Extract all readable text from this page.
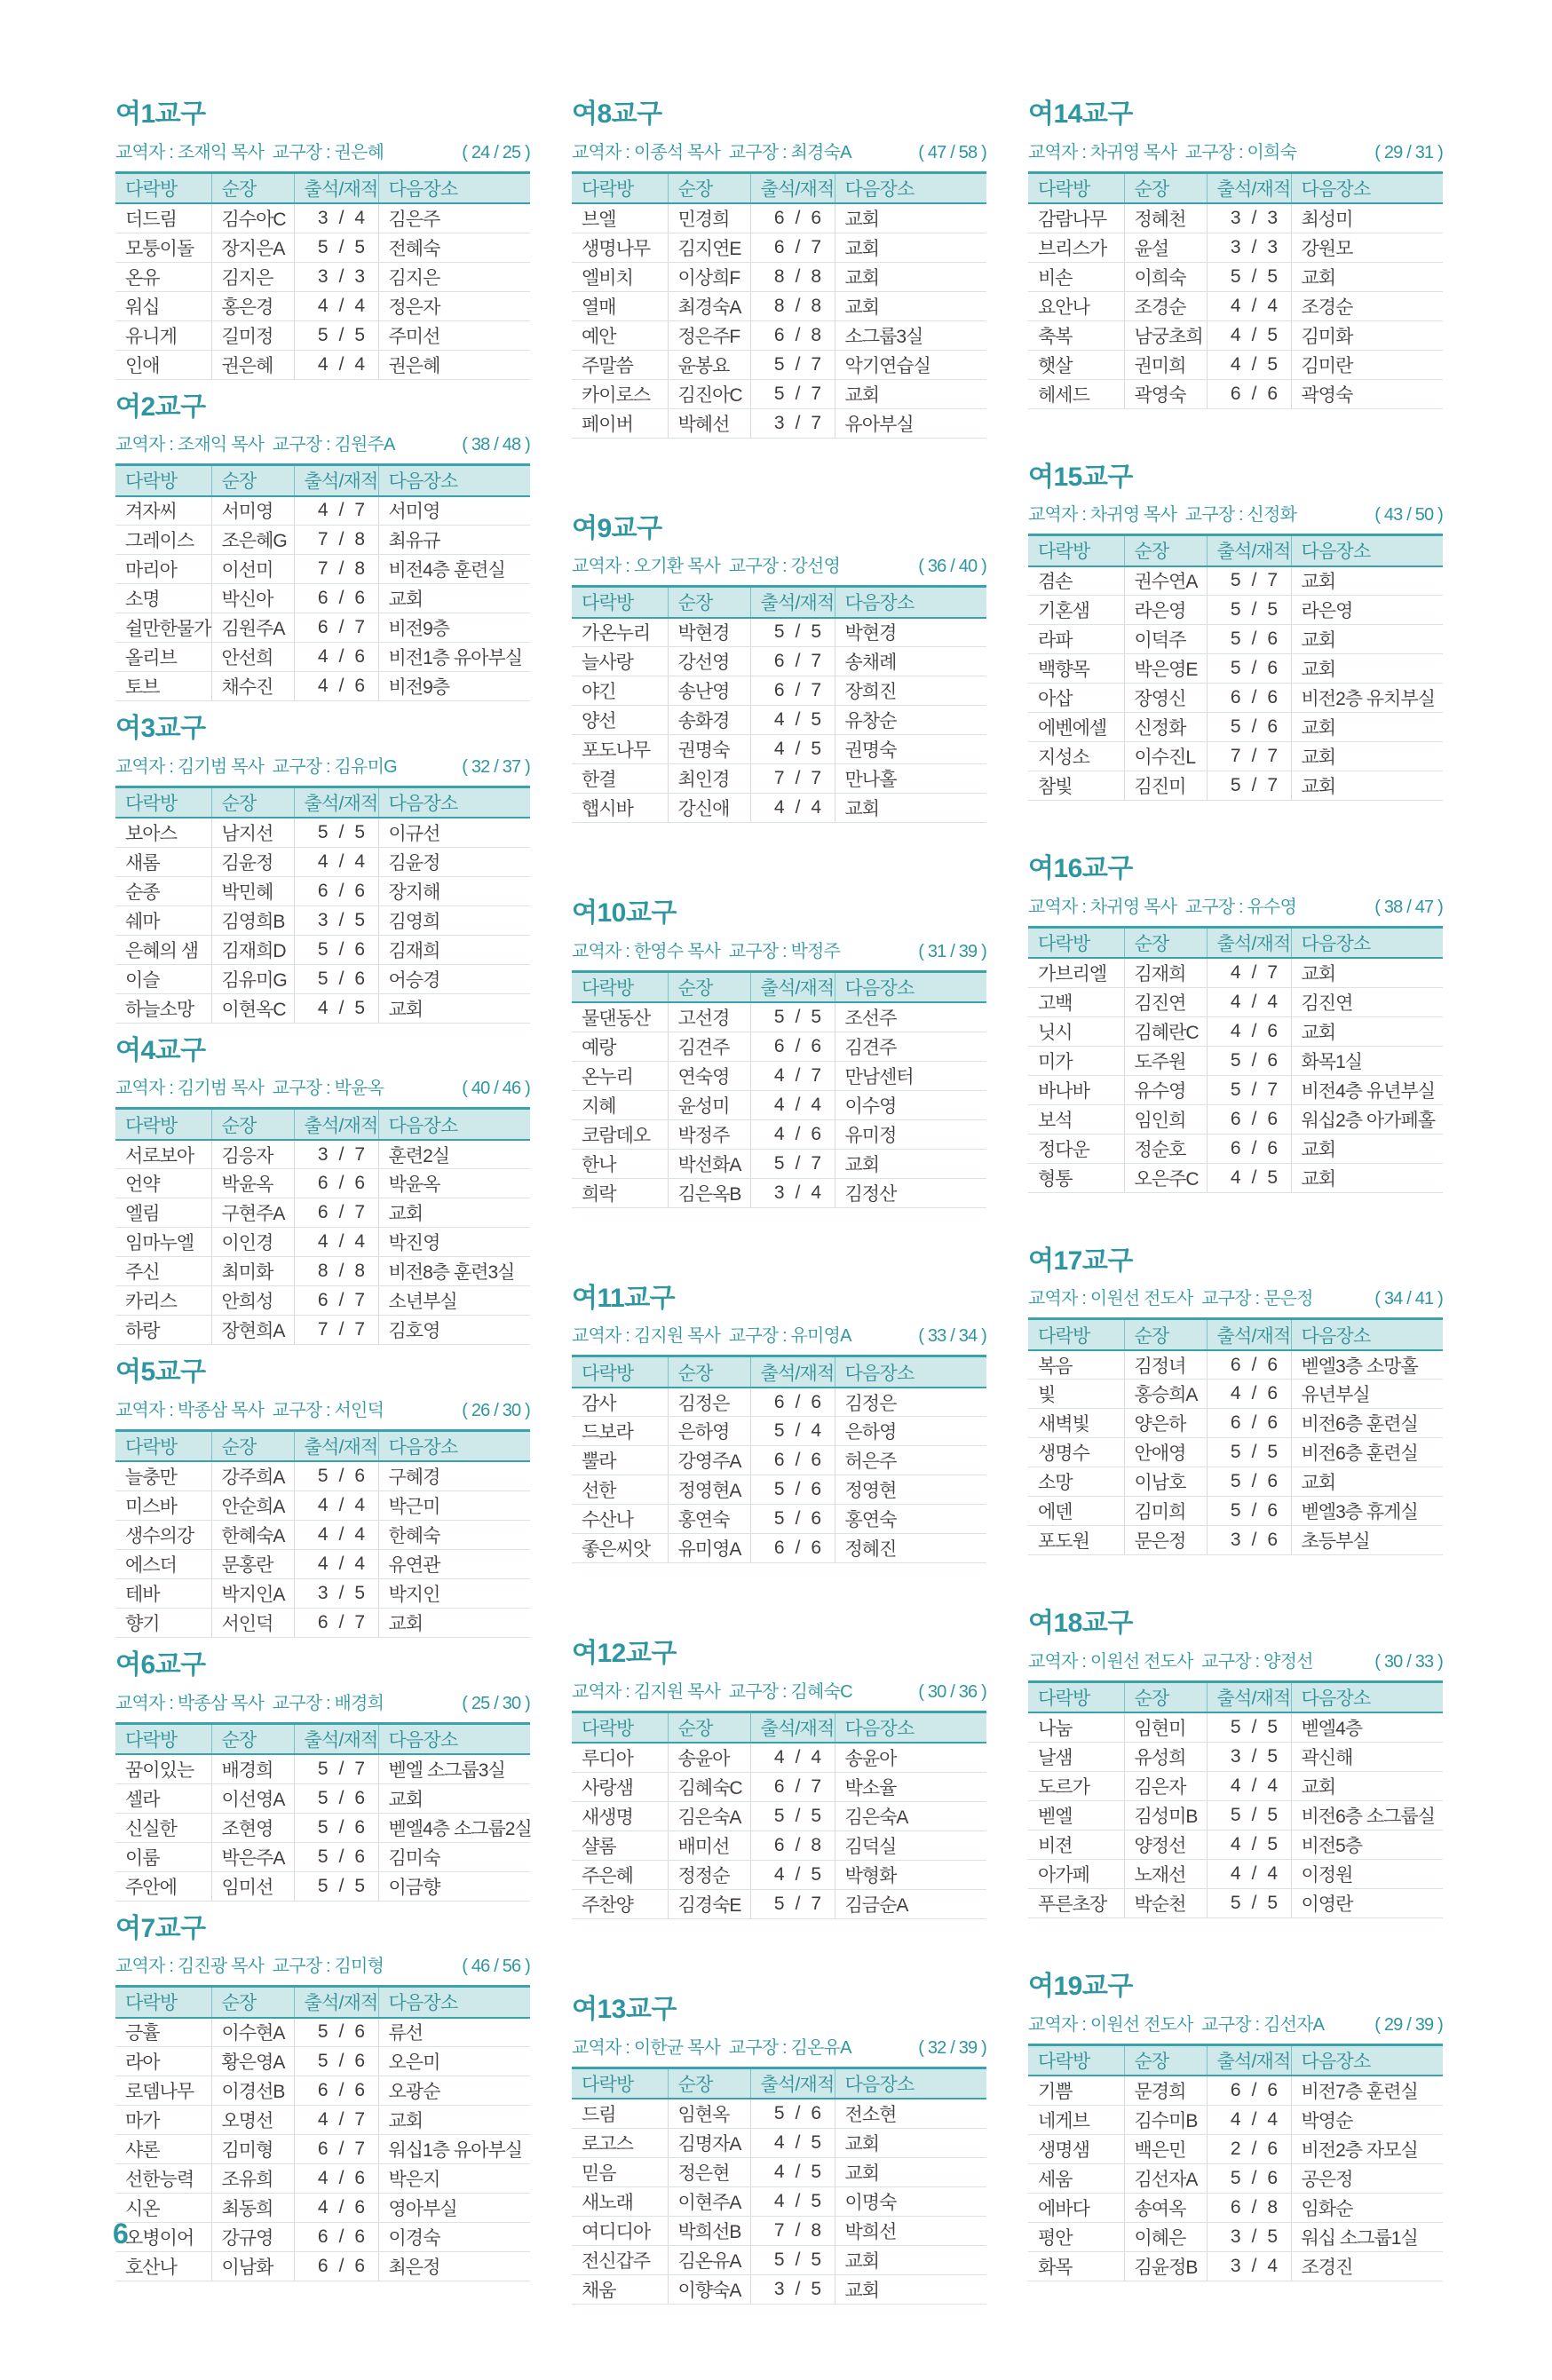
여1교구
교역자 : 조재익 목사  교구장 : 권은혜	( 24 / 25 )
다락방	순장	출석/재적	다음장소
더드림	김수아C	3 / 4	김은주
모퉁이돌	장지은A	5 / 5	전혜숙
온유	김지은	3 / 3	김지은
워십	홍은경	4 / 4	정은자
유니게	길미정	5 / 5	주미선
인애	권은혜	4 / 4	권은혜
여2교구
교역자 : 조재익 목사  교구장 : 김원주A	( 38 / 48 )
다락방	순장	출석/재적	다음장소
겨자씨	서미영	4 / 7	서미영
그레이스	조은혜G	7 / 8	최유규
마리아	이선미	7 / 8	비전4층 훈련실
소명	박신아	6 / 6	교회
쉴만한물가	김원주A	6 / 7	비전9층
올리브	안선희	4 / 6	비전1층 유아부실
토브	채수진	4 / 6	비전9층
여3교구
교역자 : 김기범 목사  교구장 : 김유미G	( 32 / 37 )
다락방	순장	출석/재적	다음장소
보아스	남지선	5 / 5	이규선
새롬	김윤정	4 / 4	김윤정
순종	박민혜	6 / 6	장지해
쉐마	김영희B	3 / 5	김영희
은혜의 샘	김재희D	5 / 6	김재희
이슬	김유미G	5 / 6	어승경
하늘소망	이현옥C	4 / 5	교회
여4교구
교역자 : 김기범 목사  교구장 : 박윤옥	( 40 / 46 )
다락방	순장	출석/재적	다음장소
서로보아	김응자	3 / 7	훈련2실
언약	박윤옥	6 / 6	박윤옥
엘림	구현주A	6 / 7	교회
임마누엘	이인경	4 / 4	박진영
주신	최미화	8 / 8	비전8층 훈련3실
카리스	안희성	6 / 7	소년부실
하랑	장현희A	7 / 7	김호영
여5교구
교역자 : 박종삼 목사  교구장 : 서인덕	( 26 / 30 )
다락방	순장	출석/재적	다음장소
늘충만	강주희A	5 / 6	구혜경
미스바	안순희A	4 / 4	박근미
생수의강	한혜숙A	4 / 4	한혜숙
에스더	문홍란	4 / 4	유연관
테바	박지인A	3 / 5	박지인
향기	서인덕	6 / 7	교회
여6교구
교역자 : 박종삼 목사  교구장 : 배경희	( 25 / 30 )
다락방	순장	출석/재적	다음장소
꿈이있는	배경희	5 / 7	벧엘 소그룹3실
셀라	이선영A	5 / 6	교회
신실한	조현영	5 / 6	벧엘4층 소그룹2실
이룸	박은주A	5 / 6	김미숙
주안에	임미선	5 / 5	이금향
여7교구
교역자 : 김진광 목사  교구장 : 김미형	( 46 / 56 )
다락방	순장	출석/재적	다음장소
긍휼	이수현A	5 / 6	류선
라아	황은영A	5 / 6	오은미
로뎀나무	이경선B	6 / 6	오광순
마가	오명선	4 / 7	교회
샤론	김미형	6 / 7	워십1층 유아부실
선한능력	조유희	4 / 6	박은지
시온	최동희	4 / 6	영아부실
오병이어	강규영	6 / 6	이경숙
호산나	이남화	6 / 6	최은정
여8교구
교역자 : 이종석 목사  교구장 : 최경숙A	( 47 / 58 )
다락방	순장	출석/재적	다음장소
브엘	민경희	6 / 6	교회
생명나무	김지연E	6 / 7	교회
엘비치	이상희F	8 / 8	교회
열매	최경숙A	8 / 8	교회
예안	정은주F	6 / 8	소그룹3실
주말씀	윤봉요	5 / 7	악기연습실
카이로스	김진아C	5 / 7	교회
페이버	박혜선	3 / 7	유아부실
여9교구
교역자 : 오기환 목사  교구장 : 강선영	( 36 / 40 )
다락방	순장	출석/재적	다음장소
가온누리	박현경	5 / 5	박현경
늘사랑	강선영	6 / 7	송채례
야긴	송난영	6 / 7	장희진
양선	송화경	4 / 5	유창순
포도나무	권명숙	4 / 5	권명숙
한결	최인경	7 / 7	만나홀
햅시바	강신애	4 / 4	교회
여10교구
교역자 : 한영수 목사  교구장 : 박정주	( 31 / 39 )
다락방	순장	출석/재적	다음장소
물댄동산	고선경	5 / 5	조선주
예랑	김견주	6 / 6	김견주
온누리	연숙영	4 / 7	만남센터
지혜	윤성미	4 / 4	이수영
코람데오	박정주	4 / 6	유미정
한나	박선화A	5 / 7	교회
희락	김은옥B	3 / 4	김정산
여11교구
교역자 : 김지원 목사  교구장 : 유미영A	( 33 / 34 )
다락방	순장	출석/재적	다음장소
감사	김정은	6 / 6	김정은
드보라	은하영	5 / 4	은하영
뿔라	강영주A	6 / 6	허은주
선한	정영현A	5 / 6	정영현
수산나	홍연숙	5 / 6	홍연숙
좋은씨앗	유미영A	6 / 6	정혜진
여12교구
교역자 : 김지원 목사  교구장 : 김혜숙C	( 30 / 36 )
다락방	순장	출석/재적	다음장소
루디아	송윤아	4 / 4	송윤아
사랑샘	김혜숙C	6 / 7	박소율
새생명	김은숙A	5 / 5	김은숙A
샬롬	배미선	6 / 8	김덕실
주은혜	정정순	4 / 5	박형화
주찬양	김경숙E	5 / 7	김금순A
여13교구
교역자 : 이한균 목사  교구장 : 김온유A	( 32 / 39 )
다락방	순장	출석/재적	다음장소
드림	임현옥	5 / 6	전소현
로고스	김명자A	4 / 5	교회
믿음	정은현	4 / 5	교회
새노래	이현주A	4 / 5	이명숙
여디디아	박희선B	7 / 8	박희선
전신갑주	김온유A	5 / 5	교회
채움	이향숙A	3 / 5	교회
여14교구
교역자 : 차귀영 목사  교구장 : 이희숙	( 29 / 31 )
다락방	순장	출석/재적	다음장소
감람나무	정혜천	3 / 3	최성미
브리스가	윤설	3 / 3	강원모
비손	이희숙	5 / 5	교회
요안나	조경순	4 / 4	조경순
축복	남궁초희	4 / 5	김미화
햇살	권미희	4 / 5	김미란
헤세드	곽영숙	6 / 6	곽영숙
여15교구
교역자 : 차귀영 목사  교구장 : 신정화	( 43 / 50 )
다락방	순장	출석/재적	다음장소
겸손	권수연A	5 / 7	교회
기혼샘	라은영	5 / 5	라은영
라파	이덕주	5 / 6	교회
백향목	박은영E	5 / 6	교회
아삽	장영신	6 / 6	비전2층 유치부실
에벤에셀	신정화	5 / 6	교회
지성소	이수진L	7 / 7	교회
참빛	김진미	5 / 7	교회
여16교구
교역자 : 차귀영 목사  교구장 : 유수영	( 38 / 47 )
다락방	순장	출석/재적	다음장소
가브리엘	김재희	4 / 7	교회
고백	김진연	4 / 4	김진연
닛시	김혜란C	4 / 6	교회
미가	도주원	5 / 6	화목1실
바나바	유수영	5 / 7	비전4층 유년부실
보석	임인희	6 / 6	워십2층 아가페홀
정다운	정순호	6 / 6	교회
형통	오은주C	4 / 5	교회
여17교구
교역자 : 이원선 전도사  교구장 : 문은정	( 34 / 41 )
다락방	순장	출석/재적	다음장소
복음	김정녀	6 / 6	벧엘3층 소망홀
빛	홍승희A	4 / 6	유년부실
새벽빛	양은하	6 / 6	비전6층 훈련실
생명수	안애영	5 / 5	비전6층 훈련실
소망	이남호	5 / 6	교회
에덴	김미희	5 / 6	벧엘3층 휴게실
포도원	문은정	3 / 6	초등부실
여18교구
교역자 : 이원선 전도사  교구장 : 양정선	( 30 / 33 )
다락방	순장	출석/재적	다음장소
나눔	임현미	5 / 5	벧엘4층
날샘	유성희	3 / 5	곽신해
도르가	김은자	4 / 4	교회
벧엘	김성미B	5 / 5	비전6층 소그룹실
비젼	양정선	4 / 5	비전5층
아가페	노재선	4 / 4	이정원
푸른초장	박순천	5 / 5	이영란
여19교구
교역자 : 이원선 전도사  교구장 : 김선자A	( 29 / 39 )
다락방	순장	출석/재적	다음장소
기쁨	문경희	6 / 6	비전7층 훈련실
네게브	김수미B	4 / 4	박영순
생명샘	백은민	2 / 6	비전2층 자모실
세움	김선자A	5 / 6	공은정
에바다	송여옥	6 / 8	임화순
평안	이혜은	3 / 5	워십 소그룹1실
화목	김윤정B	3 / 4	조경진
6
